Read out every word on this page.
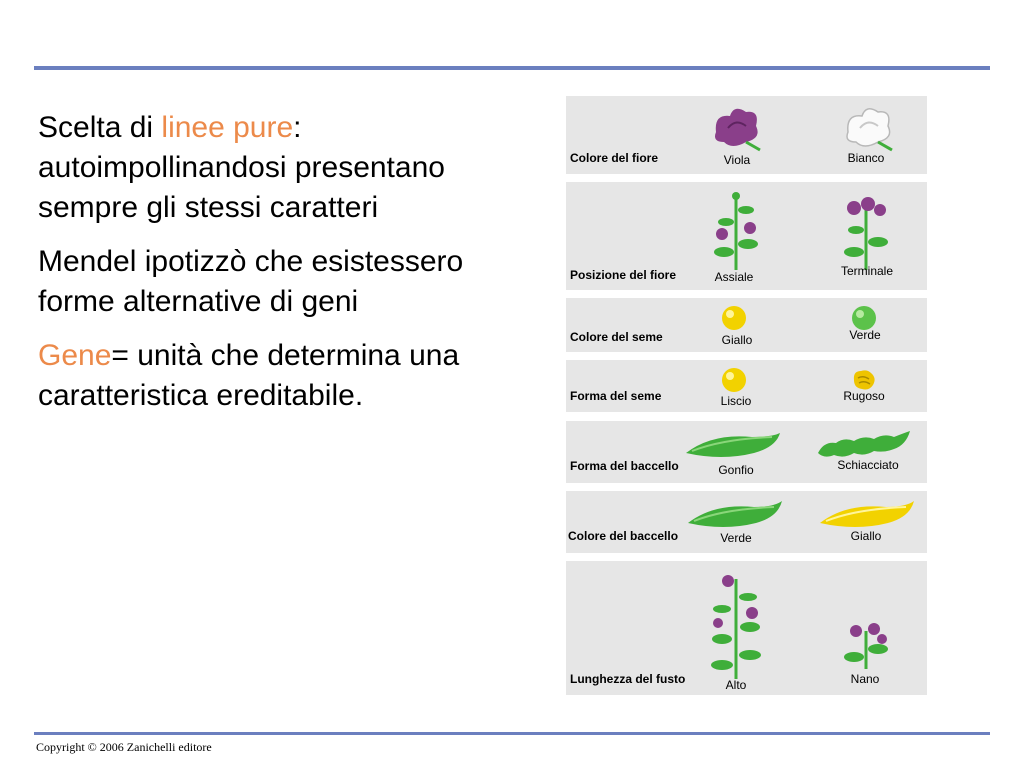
Scelta di linee pure: autoimpollinandosi presentano sempre gli stessi caratteri

Mendel ipotizzò che esistessero forme alternative di geni

Gene= unità che determina una caratteristica ereditabile.

Colore del fiore	Viola	Bianco
Posizione del fiore	Assiale	Terminale
Colore del seme	Giallo	Verde
Forma del seme	Liscio	Rugoso
Forma del baccello	Gonfio	Schiacciato
Colore del baccello	Verde	Giallo
Lunghezza del fusto	Alto	Nano
Copyright © 2006 Zanichelli editore
